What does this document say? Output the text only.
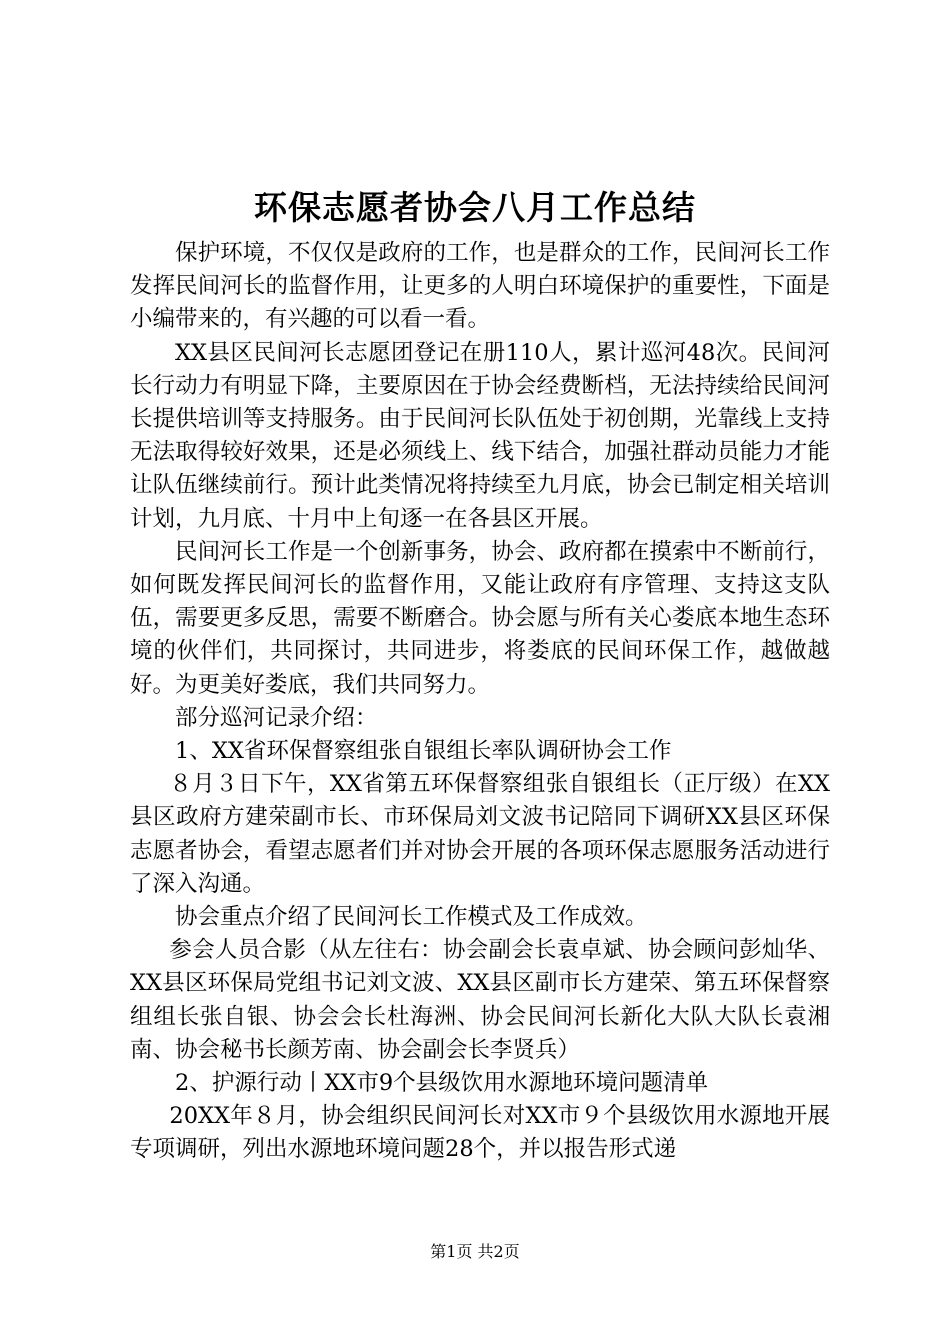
环保志愿者协会八月工作总结

保护环境，不仅仅是政府的工作，也是群众的工作，民间河长工作发挥民间河长的监督作用，让更多的人明白环境保护的重要性，下面是小编带来的，有兴趣的可以看一看。

XX县区民间河长志愿团登记在册110人，累计巡河48次。民间河长行动力有明显下降，主要原因在于协会经费断档，无法持续给民间河长提供培训等支持服务。由于民间河长队伍处于初创期，光靠线上支持无法取得较好效果，还是必须线上、线下结合，加强社群动员能力才能让队伍继续前行。预计此类情况将持续至九月底，协会已制定相关培训计划，九月底、十月中上旬逐一在各县区开展。

民间河长工作是一个创新事务，协会、政府都在摸索中不断前行，如何既发挥民间河长的监督作用，又能让政府有序管理、支持这支队伍，需要更多反思，需要不断磨合。协会愿与所有关心娄底本地生态环境的伙伴们，共同探讨，共同进步，将娄底的民间环保工作，越做越好。为更美好娄底，我们共同努力。

部分巡河记录介绍：

1、XX省环保督察组张自银组长率队调研协会工作

８月３日下午，XX省第五环保督察组张自银组长（正厅级）在XX县区政府方建荣副市长、市环保局刘文波书记陪同下调研XX县区环保志愿者协会，看望志愿者们并对协会开展的各项环保志愿服务活动进行了深入沟通。

协会重点介绍了民间河长工作模式及工作成效。

参会人员合影（从左往右：协会副会长袁卓斌、协会顾问彭灿华、XX县区环保局党组书记刘文波、XX县区副市长方建荣、第五环保督察组组长张自银、协会会长杜海洲、协会民间河长新化大队大队长袁湘南、协会秘书长颜芳南、协会副会长李贤兵）

2、护源行动丨XX市9个县级饮用水源地环境问题清单

20XX年８月，协会组织民间河长对XX市９个县级饮用水源地开展专项调研，列出水源地环境问题28个，并以报告形式递

第1页 共2页
